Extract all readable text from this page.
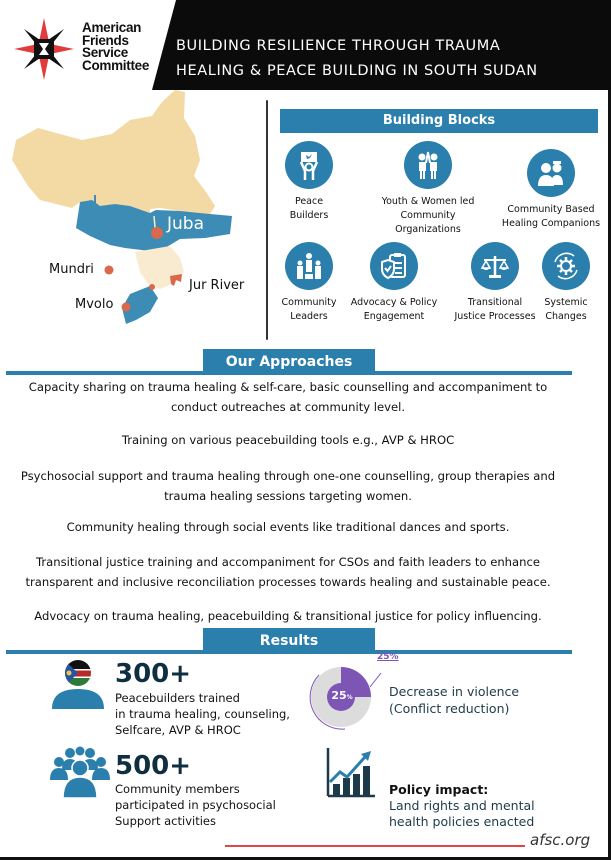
American
Friends
Service
Committee
BUILDING RESILIENCE THROUGH TRAUMA
HEALING & PEACE BUILDING IN SOUTH SUDAN
Juba
Mundri
Jur River
Mvolo
Building Blocks
Peace
Builders
Youth & Women led
Community Organizations
Community Based
Healing Companions
Community
Leaders
Advocacy & Policy
Engagement
Transitional
Justice Processes
Systemic
Changes
Our Approaches
Capacity sharing on trauma healing & self-care, basic counselling and accompaniment to
conduct outreaches at community level.
Training on various peacebuilding tools e.g., AVP & HROC
Psychosocial support and trauma healing through one-one counselling, group therapies and
trauma healing sessions targeting women.
Community healing through social events like traditional dances and sports.
Transitional justice training and accompaniment for CSOs and faith leaders to enhance
transparent and inclusive reconciliation processes towards healing and sustainable peace.
Advocacy on trauma healing, peacebuilding & transitional justice for policy influencing.
Results
300+
Peacebuilders trained
in trauma healing, counseling,
Selfcare, AVP & HROC
25%
25%	Decrease in violence
(Conflict reduction)
500+
Community members
participated in psychosocial
Support activities
Policy impact:
Land rights and mental
health policies enacted
afsc.org
